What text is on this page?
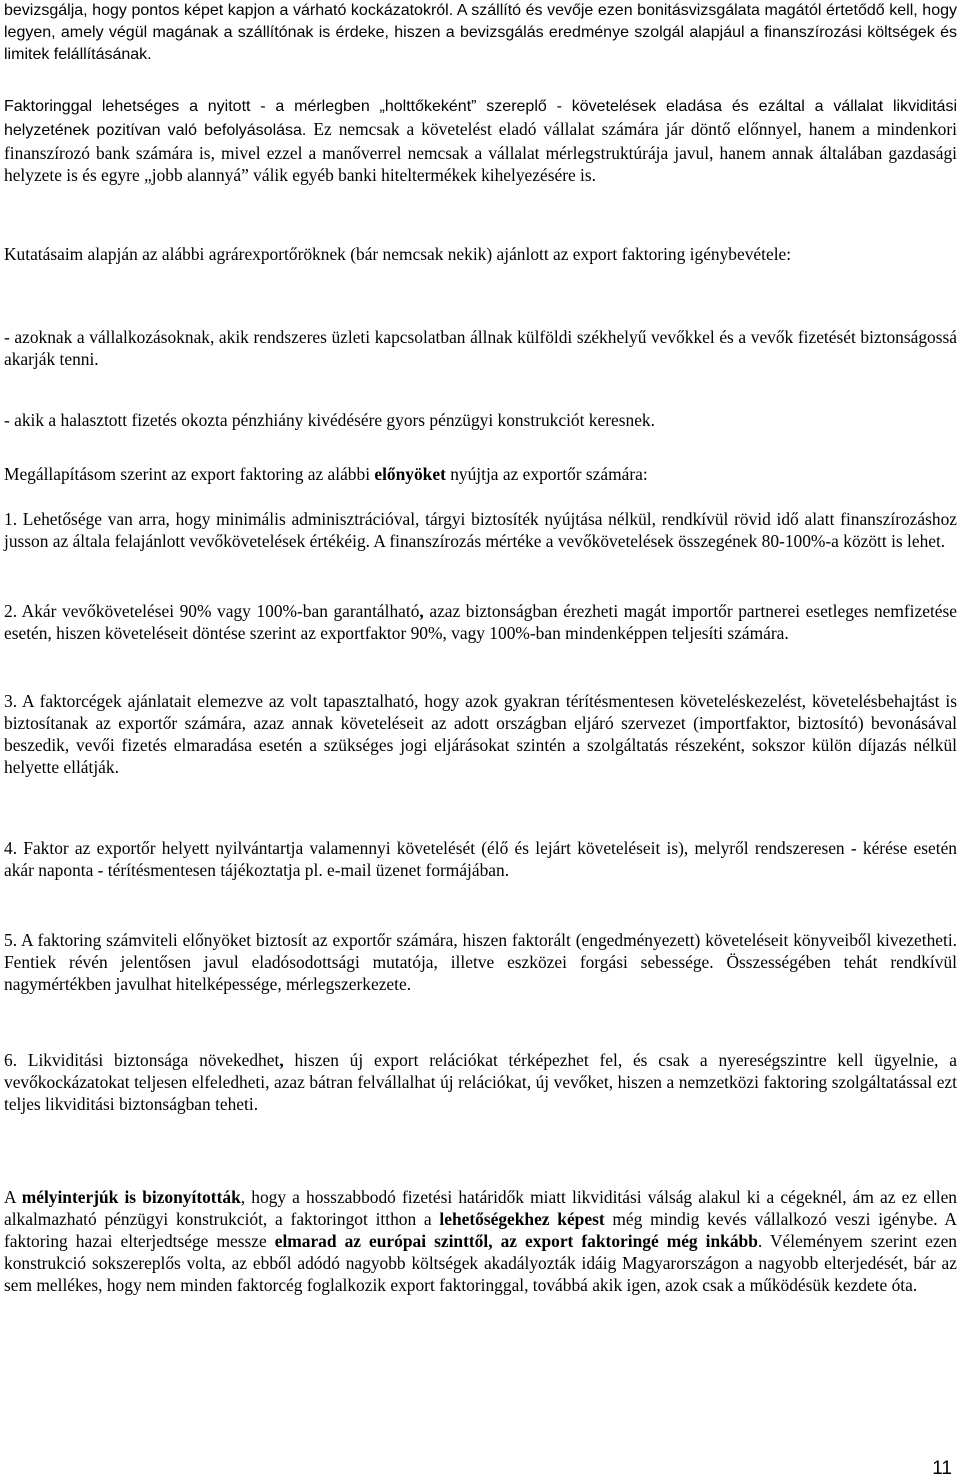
bevizsgálja, hogy pontos képet kapjon a várható kockázatokról. A szállító és vevője ezen bonitásvizsgálata magától értetődő kell, hogy legyen, amely végül magának a szállítónak is érdeke, hiszen a bevizsgálás eredménye szolgál alapjául a finanszírozási költségek és limitek felállításának.

Faktoringgal lehetséges a nyitott - a mérlegben „holttőkeként” szereplő - követelések eladása és ezáltal a vállalat likviditási helyzetének pozitívan való befolyásolása. Ez nemcsak a követelést eladó vállalat számára jár döntő előnnyel, hanem a mindenkori finanszírozó bank számára is, mivel ezzel a manőverrel nemcsak a vállalat mérlegstruktúrája javul, hanem annak általában gazdasági helyzete is és egyre „jobb alannyá” válik egyéb banki hiteltermékek kihelyezésére is.

Kutatásaim alapján az alábbi agrárexportőröknek (bár nemcsak nekik) ajánlott az export faktoring igénybevétele:

- azoknak a vállalkozásoknak, akik rendszeres üzleti kapcsolatban állnak külföldi székhelyű vevőkkel és a vevők fizetését biztonságossá akarják tenni.

- akik a halasztott fizetés okozta pénzhiány kivédésére gyors pénzügyi konstrukciót keresnek.

Megállapításom szerint az export faktoring az alábbi előnyöket nyújtja az exportőr számára:

1. Lehetősége van arra, hogy minimális adminisztrációval, tárgyi biztosíték nyújtása nélkül, rendkívül rövid idő alatt finanszírozáshoz jusson az általa felajánlott vevőkövetelések értékéig. A finanszírozás mértéke a vevőkövetelések összegének 80-100%-a között is lehet.

2. Akár vevőkövetelései 90% vagy 100%-ban garantálható, azaz biztonságban érezheti magát importőr partnerei esetleges nemfizetése esetén, hiszen követeléseit döntése szerint az exportfaktor 90%, vagy 100%-ban mindenképpen teljesíti számára.

3. A faktorcégek ajánlatait elemezve az volt tapasztalható, hogy azok gyakran térítésmentesen követeléskezelést, követelésbehajtást is biztosítanak az exportőr számára, azaz annak követeléseit az adott országban eljáró szervezet (importfaktor, biztosító) bevonásával beszedik, vevői fizetés elmaradása esetén a szükséges jogi eljárásokat szintén a szolgáltatás részeként, sokszor külön díjazás nélkül helyette ellátják.

4. Faktor az exportőr helyett nyilvántartja valamennyi követelését (élő és lejárt követeléseit is), melyről rendszeresen - kérése esetén akár naponta - térítésmentesen tájékoztatja pl. e-mail üzenet formájában.

5. A faktoring számviteli előnyöket biztosít az exportőr számára, hiszen faktorált (engedményezett) követeléseit könyveiből kivezetheti. Fentiek révén jelentősen javul eladósodottsági mutatója, illetve eszközei forgási sebessége. Összességében tehát rendkívül nagymértékben javulhat hitelképessége, mérlegszerkezete.

6. Likviditási biztonsága növekedhet, hiszen új export relációkat térképezhet fel, és csak a nyereségszintre kell ügyelnie, a vevőkockázatokat teljesen elfeledheti, azaz bátran felvállalhat új relációkat, új vevőket, hiszen a nemzetközi faktoring szolgáltatással ezt teljes likviditási biztonságban teheti.

A mélyinterjúk is bizonyították, hogy a hosszabbodó fizetési határidők miatt likviditási válság alakul ki a cégeknél, ám az ez ellen alkalmazható pénzügyi konstrukciót, a faktoringot itthon a lehetőségekhez képest még mindig kevés vállalkozó veszi igénybe. A faktoring hazai elterjedtsége messze elmarad az európai szinttől, az export faktoringé még inkább. Véleményem szerint ezen konstrukció sokszereplős volta, az ebből adódó nagyobb költségek akadályozták idáig Magyarországon a nagyobb elterjedését, bár az sem mellékes, hogy nem minden faktorcég foglalkozik export faktoringgal, továbbá akik igen, azok csak a működésük kezdete óta.

11
